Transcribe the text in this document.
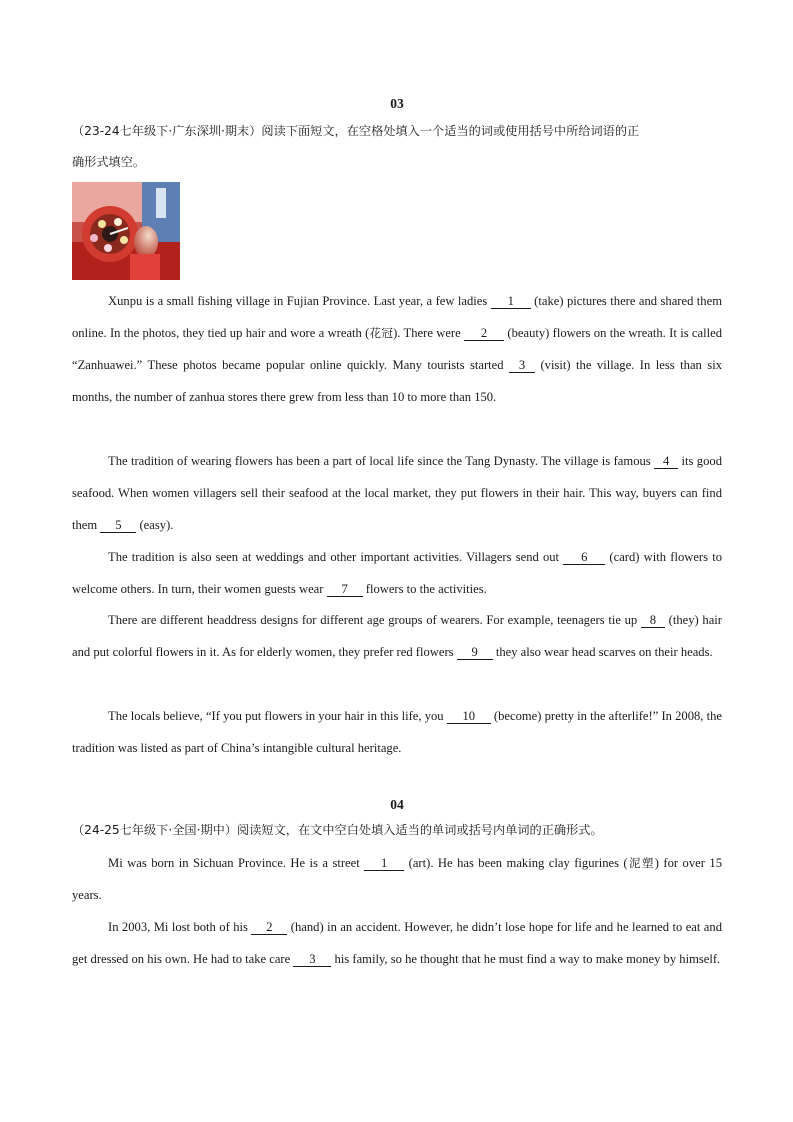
03
（23-24七年级下·广东深圳·期末）阅读下面短文，在空格处填入一个适当的词或使用括号中所给词语的正
确形式填空。

Xunpu is a small fishing village in Fujian Province. Last year, a few ladies 1 (take) pictures there and shared them online. In the photos, they tied up hair and wore a wreath (花冠). There were 2 (beauty) flowers on the wreath. It is called “Zanhuawei.” These photos became popular online quickly. Many tourists started 3 (visit) the village. In less than six months, the number of zanhua stores there grew from less than 10 to more than 150.

The tradition of wearing flowers has been a part of local life since the Tang Dynasty. The village is famous 4 its good seafood. When women villagers sell their seafood at the local market, they put flowers in their hair. This way, buyers can find them 5 (easy).

The tradition is also seen at weddings and other important activities. Villagers send out 6 (card) with flowers to welcome others. In turn, their women guests wear 7 flowers to the activities.

There are different headdress designs for different age groups of wearers. For example, teenagers tie up 8 (they) hair and put colorful flowers in it. As for elderly women, they prefer red flowers 9 they also wear head scarves on their heads.

The locals believe, “If you put flowers in your hair in this life, you 10 (become) pretty in the afterlife!” In 2008, the tradition was listed as part of China’s intangible cultural heritage.

04
（24-25七年级下·全国·期中）阅读短文，在文中空白处填入适当的单词或括号内单词的正确形式。

Mi was born in Sichuan Province. He is a street 1 (art). He has been making clay figurines (泥塑) for over 15 years.

In 2003, Mi lost both of his 2 (hand) in an accident. However, he didn’t lose hope for life and he learned to eat and get dressed on his own. He had to take care 3 his family, so he thought that he must find a way to make money by himself.
